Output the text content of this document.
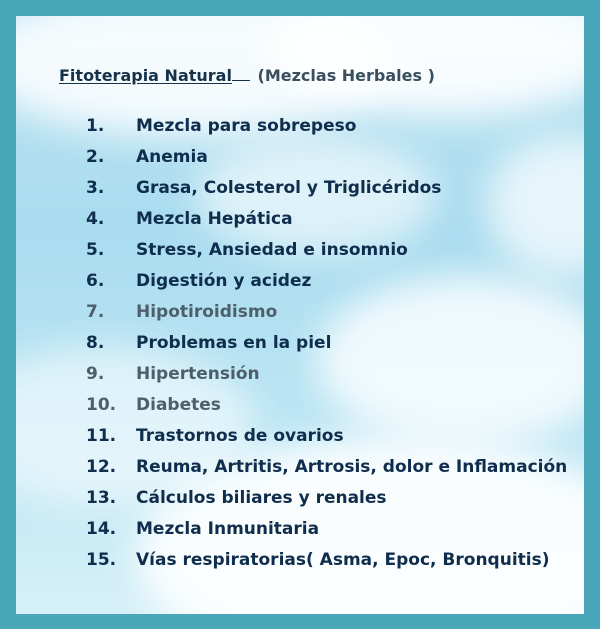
Fitoterapia Natural (Mezclas Herbales )
1.	Mezcla para sobrepeso
2.	Anemia
3.	Grasa, Colesterol y Triglicéridos
4.	Mezcla Hepática
5.	Stress, Ansiedad e insomnio
6.	Digestión y acidez
7.	Hipotiroidismo
8.	Problemas en la piel
9.	Hipertensión
10.	Diabetes
11.	Trastornos de ovarios
12.	Reuma, Artritis, Artrosis, dolor e Inflamación
13.	Cálculos biliares y renales
14.	Mezcla Inmunitaria
15.	Vías respiratorias( Asma, Epoc, Bronquitis)
